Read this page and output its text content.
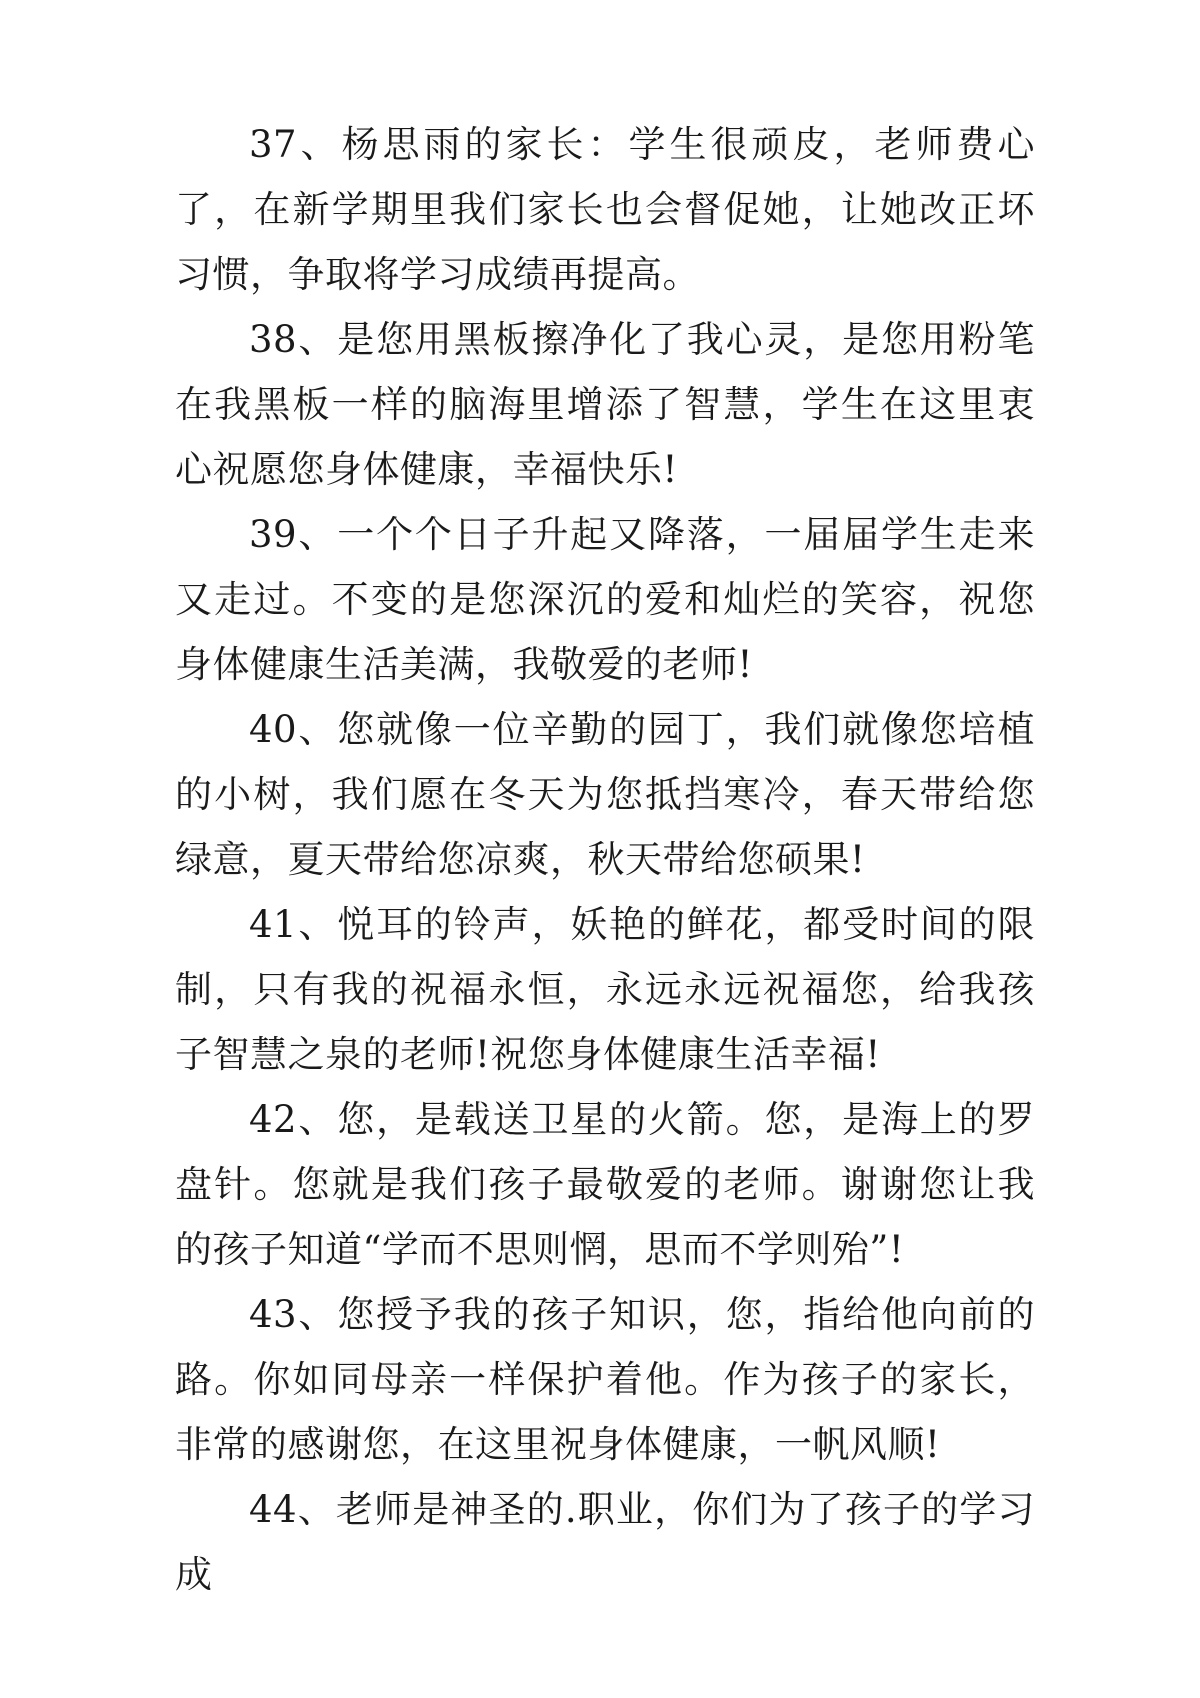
37、杨思雨的家长：学生很顽皮，老师费心了，在新学期里我们家长也会督促她，让她改正坏习惯，争取将学习成绩再提高。

38、是您用黑板擦净化了我心灵，是您用粉笔在我黑板一样的脑海里增添了智慧，学生在这里衷心祝愿您身体健康，幸福快乐!

39、一个个日子升起又降落，一届届学生走来又走过。不变的是您深沉的爱和灿烂的笑容，祝您身体健康生活美满，我敬爱的老师!

40、您就像一位辛勤的园丁，我们就像您培植的小树，我们愿在冬天为您抵挡寒冷，春天带给您绿意，夏天带给您凉爽，秋天带给您硕果!

41、悦耳的铃声，妖艳的鲜花，都受时间的限制，只有我的祝福永恒，永远永远祝福您，给我孩子智慧之泉的老师!祝您身体健康生活幸福!

42、您，是载送卫星的火箭。您，是海上的罗盘针。您就是我们孩子最敬爱的老师。谢谢您让我的孩子知道“学而不思则惘，思而不学则殆”!

43、您授予我的孩子知识，您，指给他向前的路。你如同母亲一样保护着他。作为孩子的家长，非常的感谢您，在这里祝身体健康，一帆风顺!

44、老师是神圣的.职业，你们为了孩子的学习成
